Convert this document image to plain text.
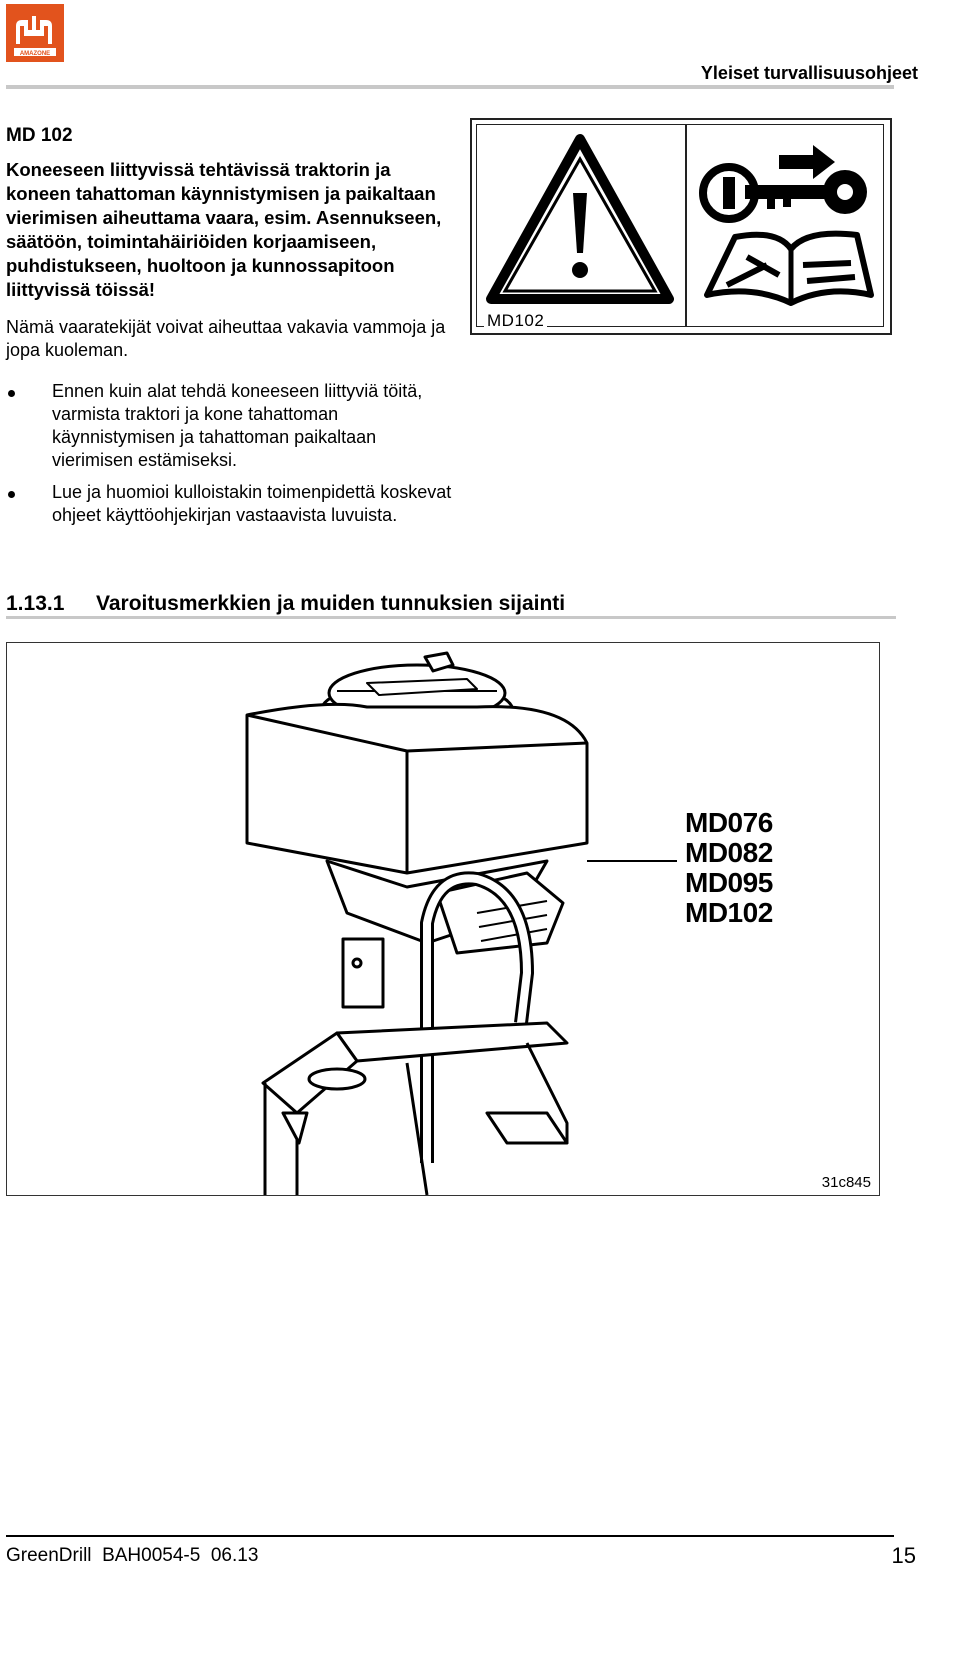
AMAZONE
Yleiset turvallisuusohjeet
MD 102
Koneeseen liittyvissä tehtävissä traktorin ja koneen tahattoman käynnistymisen ja paikaltaan vierimisen aiheuttama vaara, esim. Asennukseen, säätöön, toimintahäiriöiden korjaamiseen, puhdistukseen, huoltoon ja kunnossapitoon liittyvissä töissä!
Nämä vaaratekijät voivat aiheuttaa vakavia vammoja ja jopa kuoleman.
Ennen kuin alat tehdä koneeseen liittyviä töitä, varmista traktori ja kone tahattoman käynnistymisen ja tahattoman paikaltaan vierimisen estämiseksi.
Lue ja huomioi kulloistakin toimenpidettä koskevat ohjeet käyttöohjekirjan vastaavista luvuista.
MD102
1.13.1 Varoitusmerkkien ja muiden tunnuksien sijainti
MD076
MD082
MD095
MD102
31c845
GreenDrill  BAH0054-5  06.13	15
